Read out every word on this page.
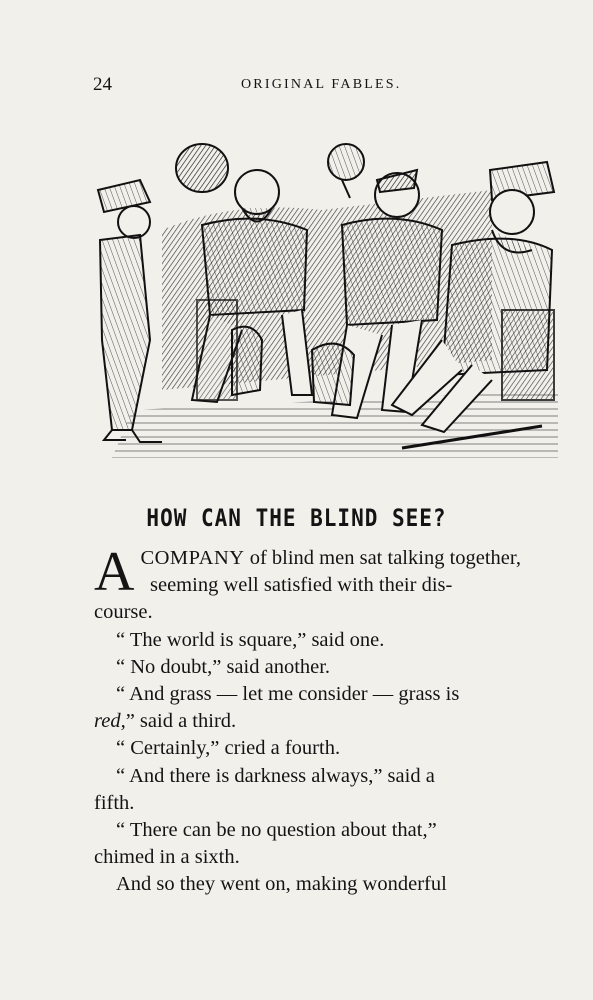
24	ORIGINAL FABLES.
HOW CAN THE BLIND SEE?
A COMPANY of blind men sat talking together,
seeming well satisfied with their dis-
course.
“ The world is square,” said one.
“ No doubt,” said another.
“ And grass — let me consider — grass is
red,” said a third.
“ Certainly,” cried a fourth.
“ And there is darkness always,” said a
fifth.
“ There can be no question about that,”
chimed in a sixth.
And so they went on, making wonderful
